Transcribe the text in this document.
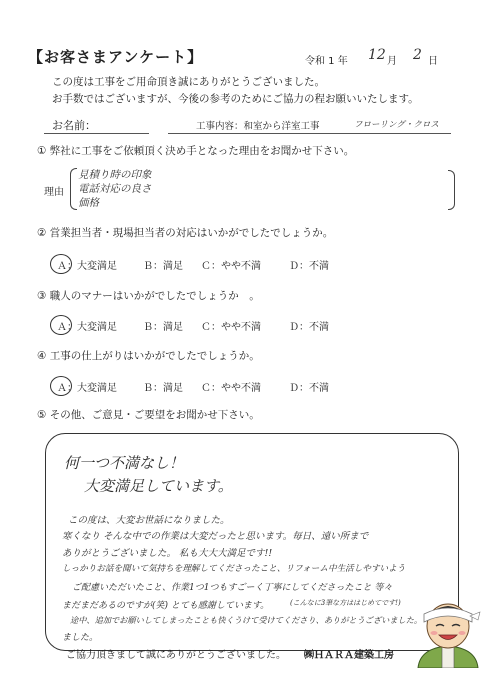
【お客さまアンケート】	令和 1 年 12 月 2 日
この度は工事をご用命頂き誠にありがとうございました。
お手数ではございますが、今後の参考のためにご協力の程お願いいたします。
お名前：	工事内容：和室から洋室工事	フローリング・クロス
① 弊社に工事をご依頼頂く決め手となった理由をお聞かせ下さい。
理由
見積り時の印象
電話対応の良さ
価格
② 営業担当者・現場担当者の対応はいかがでしたでしょうか。
Ａ：大変満足	Ｂ：満足 Ｃ：やや不満	Ｄ：不満
③ 職人のマナーはいかがでしたでしょうか　。
Ａ：大変満足	Ｂ：満足 Ｃ：やや不満	Ｄ：不満
④ 工事の仕上がりはいかがでしたでしょうか。
Ａ：大変満足	Ｂ：満足 Ｃ：やや不満	Ｄ：不満
⑤ その他、ご意見・ご要望をお聞かせ下さい。
何一つ不満なし！
大変満足しています。
この度は、大変お世話になりました。
寒くなり そんな中での作業は大変だったと思います。毎日、遠い所まで
ありがとうございました。 私も大大大満足です!!
しっかりお話を聞いて気持ちを理解してくださったこと、リフォーム中生活しやすいよう
ご配慮いただいたこと、作業1つ1つもすごーく丁寧にしてくださったこと 等々
まだまだあるのですが(笑) とても感謝しています。	(こんなに3筆な方ははじめてです!)
途中、追加でお願いしてしまったことも快くうけて受けてくださり、ありがとうございました。
ました。
ご協力頂きまして誠にありがとうございました。 ㈱ＨＡＲＡ建築工房
